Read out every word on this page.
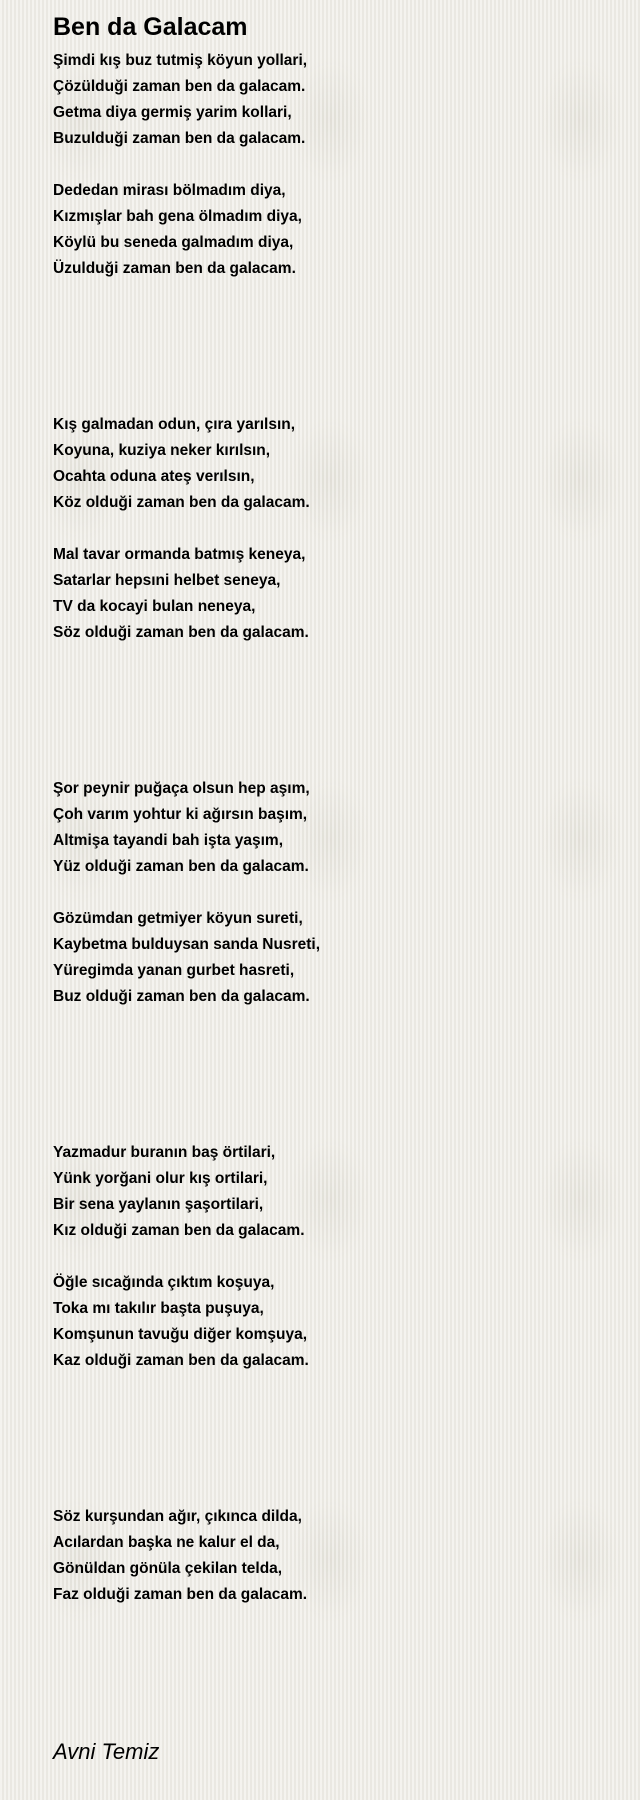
Ben da Galacam
Şimdi kış buz tutmiş köyun yollari,
Çözülduği zaman ben da galacam.
Getma diya germiş yarim kollari,
Buzulduği zaman ben da galacam.
Dededan mirası bölmadım diya,
Kızmışlar bah gena ölmadım diya,
Köylü bu seneda galmadım diya,
Üzulduği zaman ben da galacam.
Kış galmadan odun, çıra yarılsın,
Koyuna, kuziya neker kırılsın,
Ocahta oduna ateş verılsın,
Köz olduği zaman ben da galacam.
Mal tavar ormanda batmış keneya,
Satarlar hepsıni helbet seneya,
TV da kocayi bulan neneya,
Söz olduği zaman ben da galacam.
Şor peynir puğaça olsun hep aşım,
Çoh varım yohtur ki ağırsın başım,
Altmişa tayandi bah işta yaşım,
Yüz olduği zaman ben da galacam.
Gözümdan getmiyer köyun sureti,
Kaybetma bulduysan sanda Nusreti,
Yüregimda yanan gurbet hasreti,
Buz olduği zaman ben da galacam.
Yazmadur buranın baş örtilari,
Yünk yorğani olur kış ortilari,
Bir sena yaylanın şaşortilari,
Kız olduği zaman ben da galacam.
Öğle sıcağında çıktım koşuya,
Toka mı takılır başta puşuya,
Komşunun tavuğu diğer komşuya,
Kaz olduği zaman ben da galacam.
Söz kurşundan ağır, çıkınca dilda,
Acılardan başka ne kalur el da,
Gönüldan gönüla çekilan telda,
Faz olduği zaman ben da galacam.
Avni Temiz
